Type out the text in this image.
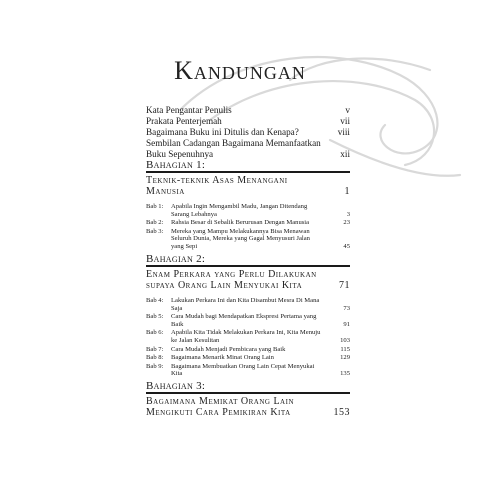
Kandungan
Kata Pengantar Penulis	v
Prakata Penterjemah	vii
Bagaimana Buku ini Ditulis dan Kenapa?	viii
Sembilan Cadangan Bagaimana Memanfaatkan Buku Sepenuhnya	xii
Bahagian 1:
Teknik-teknik Asas Menangani Manusia	1
Bab 1: Apabila Ingin Mengambil Madu, Jangan Ditendang Sarang Lebahnya	3
Bab 2: Rahsia Besar di Sebalik Berurusan Dengan Manusia	23
Bab 3: Mereka yang Mampu Melakukannya Bisa Menawan Seluruh Dunia, Mereka yang Gagal Menyusuri Jalan yang Sepi	45
Bahagian 2:
Enam Perkara yang Perlu Dilakukan supaya Orang Lain Menyukai Kita	71
Bab 4: Lakukan Perkara Ini dan Kita Disambut Mesra Di Mana Saja	73
Bab 5: Cara Mudah bagi Mendapatkan Ekspresi Pertama yang Baik	91
Bab 6: Apabila Kita Tidak Melakukan Perkara Ini, Kita Menuju ke Jalan Kesulitan	103
Bab 7: Cara Mudah Menjadi Pembicara yang Baik	115
Bab 8: Bagaimana Menarik Minat Orang Lain	129
Bab 9: Bagaimana Membuatkan Orang Lain Cepat Menyukai Kita	135
Bahagian 3:
Bagaimana Memikat Orang Lain Mengikuti Cara Pemikiran Kita	153
